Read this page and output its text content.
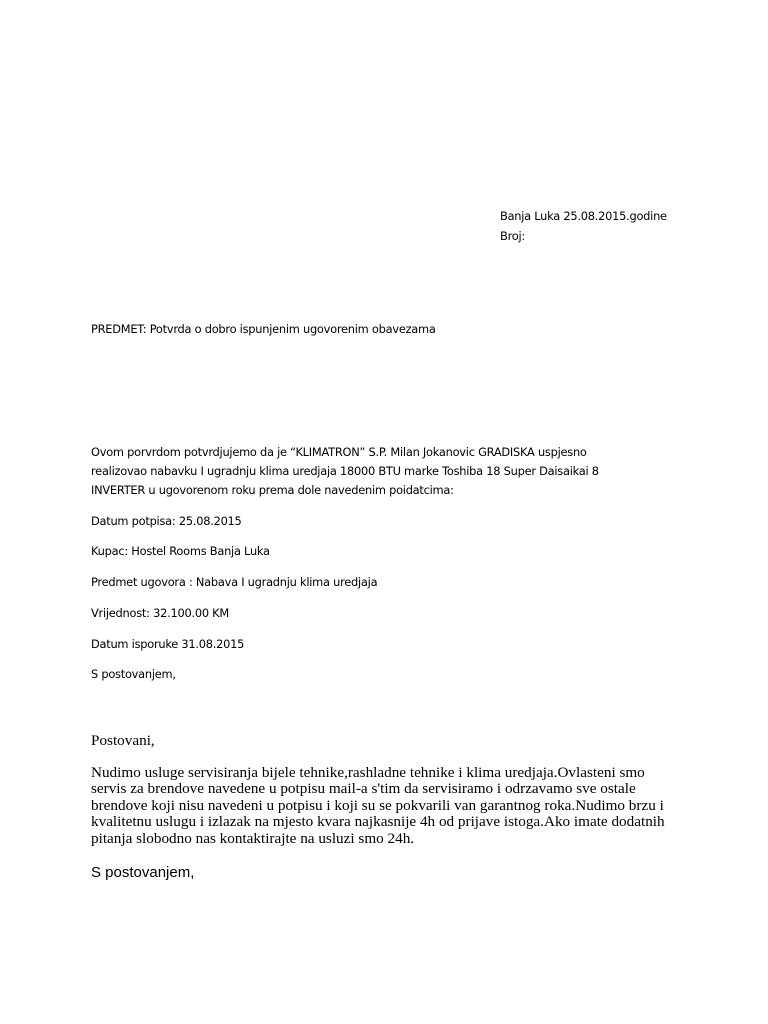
Banja Luka 25.08.2015.godine
Broj:
PREDMET: Potvrda o dobro ispunjenim ugovorenim obavezama
Ovom porvrdom potvrdjujemo da je “KLIMATRON” S.P. Milan Jokanovic GRADISKA uspjesno
realizovao nabavku I ugradnju klima uredjaja 18000 BTU marke Toshiba 18 Super Daisaikai 8
INVERTER u ugovorenom roku prema dole navedenim poidatcima:
Datum potpisa: 25.08.2015
Kupac: Hostel Rooms Banja Luka
Predmet ugovora : Nabava I ugradnju klima uredjaja
Vrijednost: 32.100.00 KM
Datum isporuke 31.08.2015
S postovanjem,
Postovani,
Nudimo usluge servisiranja bijele tehnike,rashladne tehnike i klima uredjaja.Ovlasteni smo
servis za brendove navedene u potpisu mail-a s'tim da servisiramo i odrzavamo sve ostale
brendove koji nisu navedeni u potpisu i koji su se pokvarili van garantnog roka.Nudimo brzu i
kvalitetnu uslugu i izlazak na mjesto kvara najkasnije 4h od prijave istoga.Ako imate dodatnih
pitanja slobodno nas kontaktirajte na usluzi smo 24h.
S postovanjem,
